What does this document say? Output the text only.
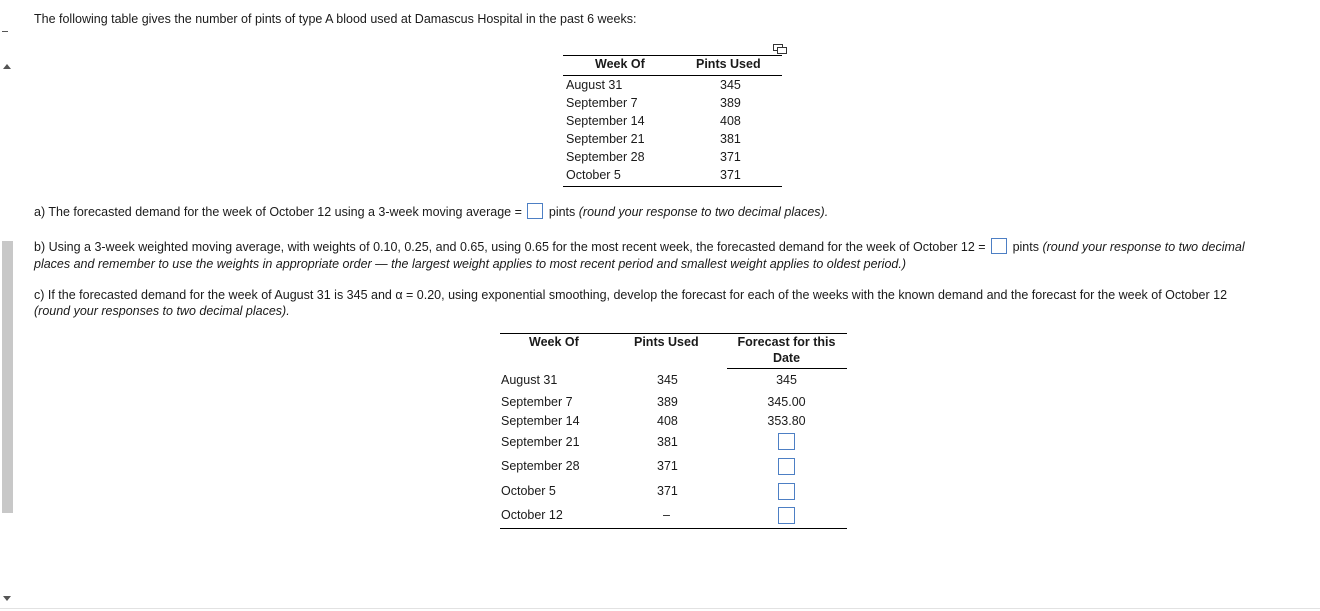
The following table gives the number of pints of type A blood used at Damascus Hospital in the past 6 weeks:
Week Of	Pints Used
August 31	345
September 7	389
September 14	408
September 21	381
September 28	371
October 5	371
a) The forecasted demand for the week of October 12 using a 3-week moving average = pints (round your response to two decimal places).
b) Using a 3-week weighted moving average, with weights of 0.10, 0.25, and 0.65, using 0.65 for the most recent week, the forecasted demand for the week of October 12 = pints (round your response to two decimal
places and remember to use the weights in appropriate order — the largest weight applies to most recent period and smallest weight applies to oldest period.)
c) If the forecasted demand for the week of August 31 is 345 and α = 0.20, using exponential smoothing, develop the forecast for each of the weeks with the known demand and the forecast for the week of October 12
(round your responses to two decimal places).
Week Of	Pints Used	Forecast for this
Date
August 31	345	345
September 7	389	345.00
September 14	408	353.80
September 21	381
September 28	371
October 5	371
October 12	–
